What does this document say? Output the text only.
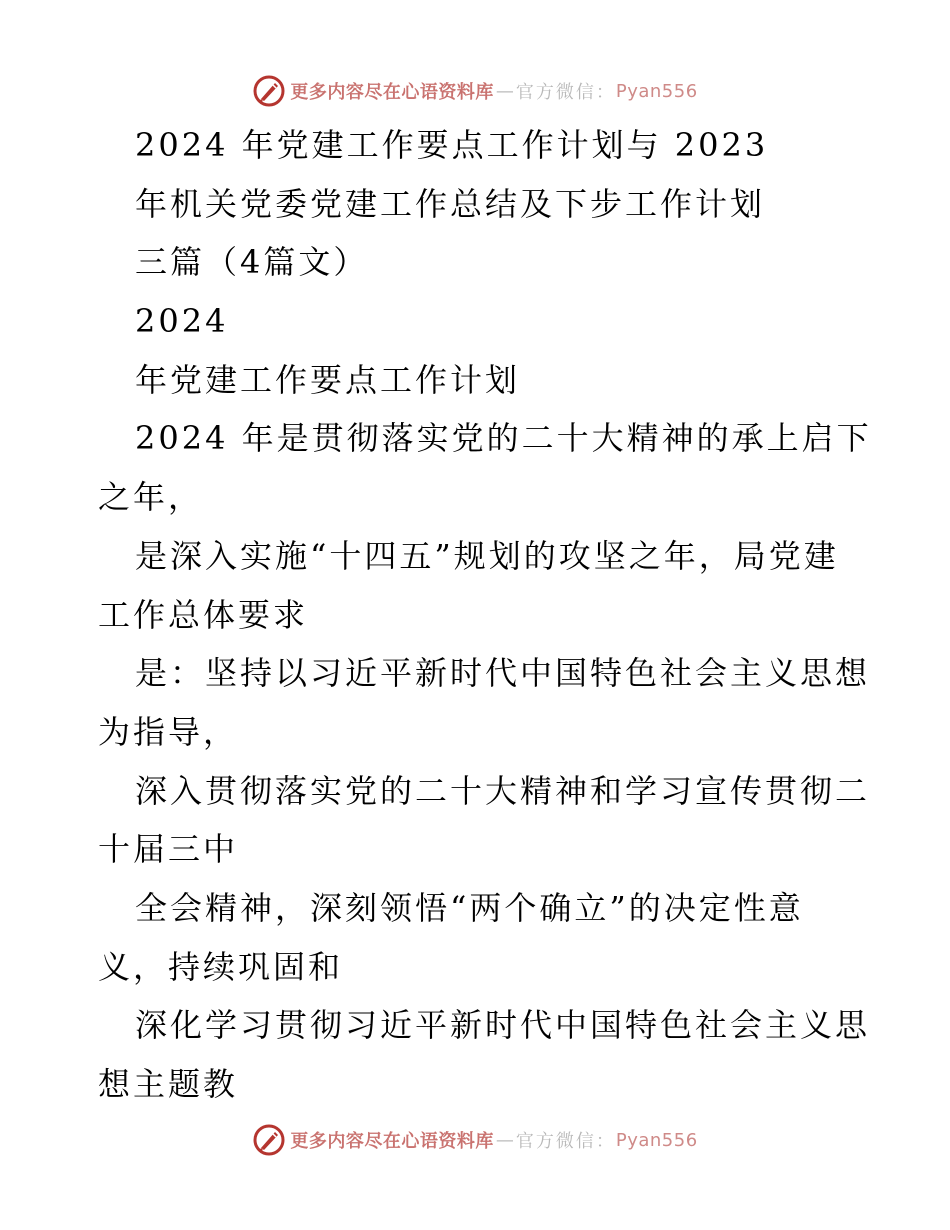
更多内容尽在心语资料库 — 官方微信： Pyan556
2024 年党建工作要点工作计划与 2023
年机关党委党建工作总结及下步工作计划
三篇（4篇文）
2024
年党建工作要点工作计划
2024 年是贯彻落实党的二十大精神的承上启下
之年，
是深入实施“十四五”规划的攻坚之年，局党建
工作总体要求
是：坚持以习近平新时代中国特色社会主义思想
为指导，
深入贯彻落实党的二十大精神和学习宣传贯彻二
十届三中
全会精神，深刻领悟“两个确立”的决定性意
义，持续巩固和
深化学习贯彻习近平新时代中国特色社会主义思
想主题教
更多内容尽在心语资料库 — 官方微信： Pyan556
